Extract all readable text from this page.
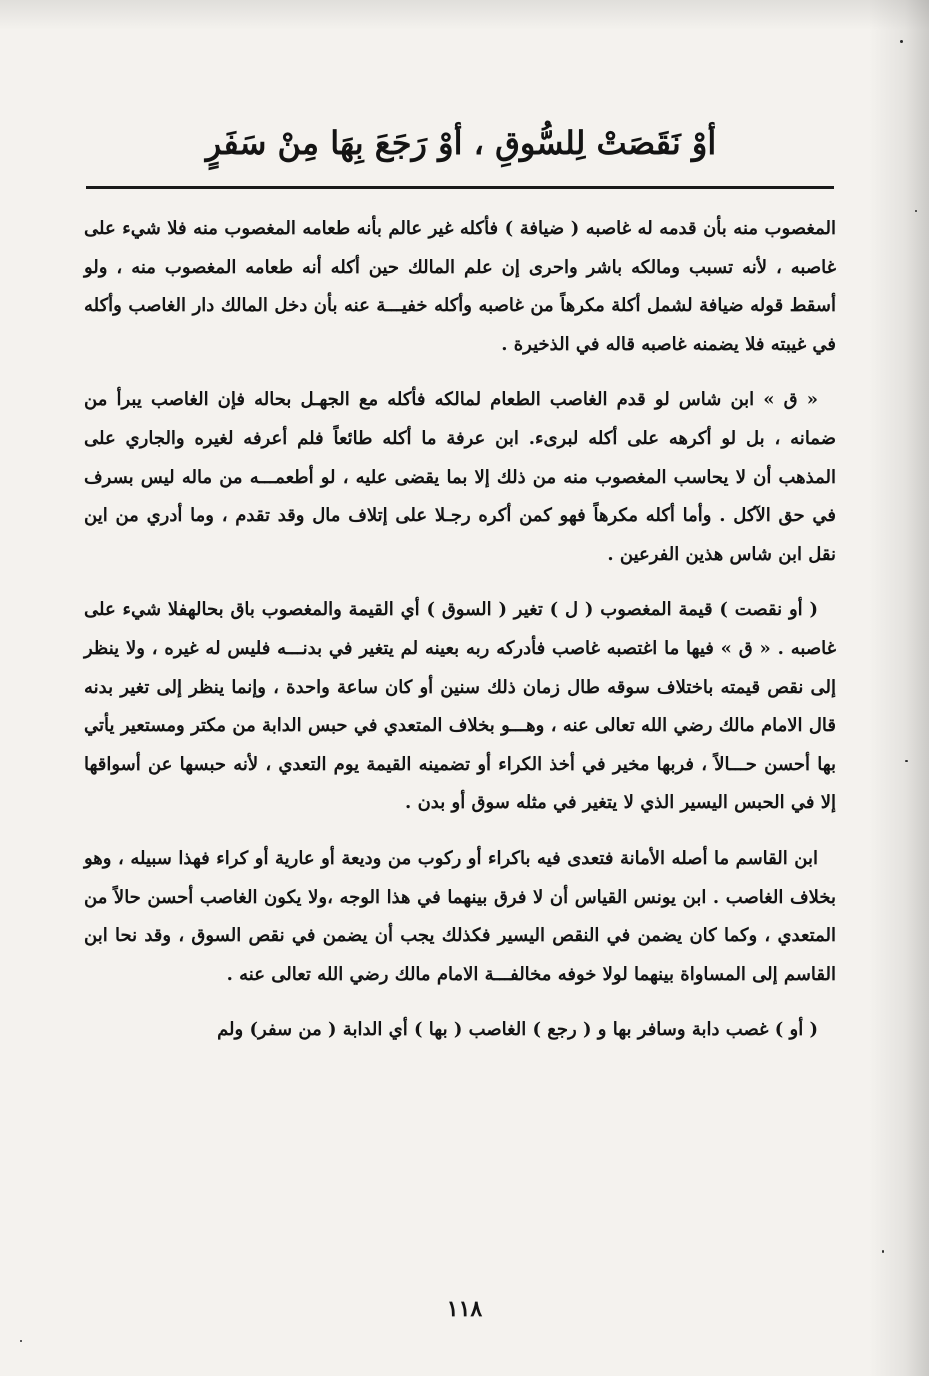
أوْ نَقَصَتْ لِلسُّوقِ ، أوْ رَجَعَ بِهَا مِنْ سَفَرٍ

المغصوب منه بأن قدمه له غاصبه ( ضيافة ) فأكله غير عالم بأنه طعامه المغصوب منه فلا شيء على غاصبه ، لأنه تسبب ومالكه باشر واحرى إن علم المالك حين أكله أنه طعامه المغصوب منه ، ولو أسقط قوله ضيافة لشمل أكلة مكرهاً من غاصبه وأكله خفيـــة عنه بأن دخل المالك دار الغاصب وأكله في غيبته فلا يضمنه غاصبه قاله في الذخيرة .

« ق » ابن شاس لو قدم الغاصب الطعام لمالكه فأكله مع الجهـل بحاله فإن الغاصب يبرأ من ضمانه ، بل لو أكرهه على أكله لبرىء. ابن عرفة ما أكله طائعاً فلم أعرفه لغيره والجاري على المذهب أن لا يحاسب المغصوب منه من ذلك إلا بما يقضى عليه ، لو أطعمـــه من ماله ليس بسرف في حق الآكل . وأما أكله مكرهاً فهو كمن أكره رجـلا على إتلاف مال وقد تقدم ، وما أدري من اين نقل ابن شاس هذين الفرعين .

( أو نقصت ) قيمة المغصوب ( ل ) تغير ( السوق ) أي القيمة والمغصوب باق بحالهفلا شيء على غاصبه . « ق » فيها ما اغتصبه غاصب فأدركه ربه بعينه لم يتغير في بدنـــه فليس له غيره ، ولا ينظر إلى نقص قيمته باختلاف سوقه طال زمان ذلك سنين أو كان ساعة واحدة ، وإنما ينظر إلى تغير بدنه قال الامام مالك رضي الله تعالى عنه ، وهـــو بخلاف المتعدي في حبس الدابة من مكتر ومستعير يأتي بها أحسن حـــالاً ، فربها مخير في أخذ الكراء أو تضمينه القيمة يوم التعدي ، لأنه حبسها عن أسواقها إلا في الحبس اليسير الذي لا يتغير في مثله سوق أو بدن .

ابن القاسم ما أصله الأمانة فتعدى فيه باكراء أو ركوب من وديعة أو عارية أو كراء فهذا سبيله ، وهو بخلاف الغاصب . ابن يونس القياس أن لا فرق بينهما في هذا الوجه ،ولا يكون الغاصب أحسن حالاً من المتعدي ، وكما كان يضمن في النقص اليسير فكذلك يجب أن يضمن في نقص السوق ، وقد نحا ابن القاسم إلى المساواة بينهما لولا خوفه مخالفـــة الامام مالك رضي الله تعالى عنه .

( أو ) غصب دابة وسافر بها و ( رجع ) الغاصب ( بها ) أي الدابة ( من سفر) ولم

١١٨
